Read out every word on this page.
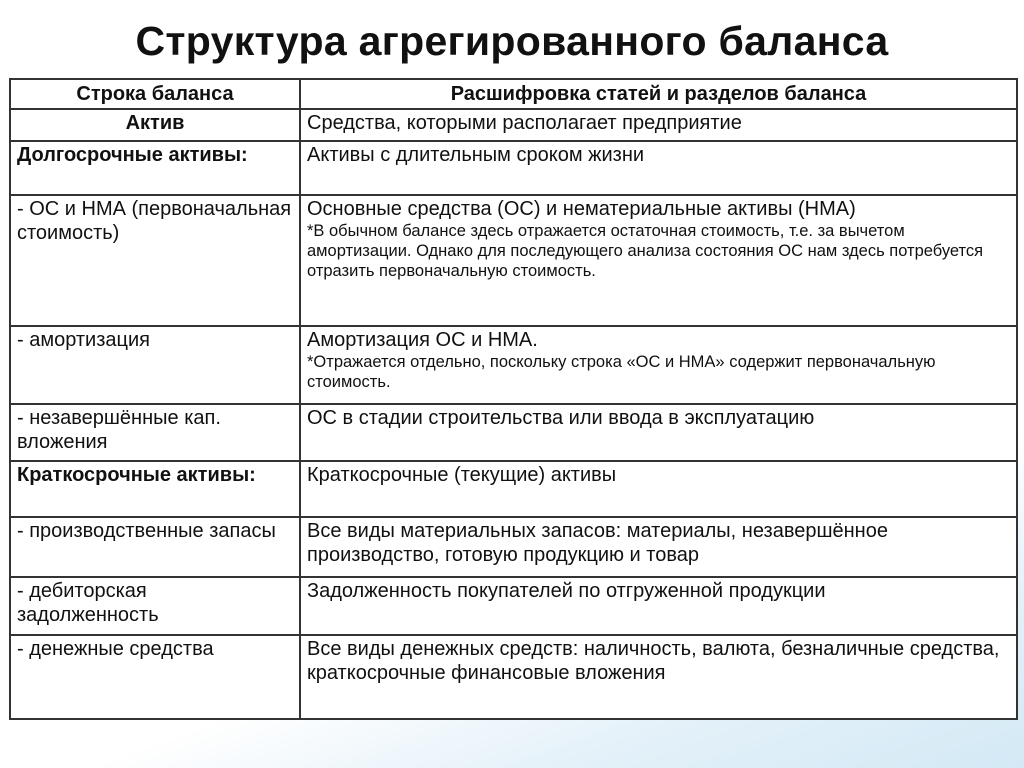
Структура агрегированного баланса
Строка баланса	Расшифровка статей и разделов баланса
Актив	Средства, которыми располагает предприятие
Долгосрочные активы:	Активы с длительным сроком жизни
- ОС и НМА (первоначальная стоимость)	Основные средства (ОС) и нематериальные активы (НМА)
*В обычном балансе здесь отражается остаточная стоимость, т.е. за вычетом амортизации. Однако для последующего анализа состояния ОС нам здесь потребуется отразить первоначальную стоимость.

- амортизация	Амортизация ОС и НМА.
*Отражается отдельно, поскольку строка «ОС и НМА» содержит первоначальную стоимость.

- незавершённые кап. вложения	ОС в стадии строительства или ввода в эксплуатацию
Краткосрочные активы:	Краткосрочные (текущие) активы
- производственные запасы	Все виды материальных запасов: материалы, незавершённое производство, готовую продукцию и товар
- дебиторская задолженность	Задолженность покупателей по отгруженной продукции
- денежные средства	Все виды денежных средств: наличность, валюта, безналичные средства, краткосрочные финансовые вложения
